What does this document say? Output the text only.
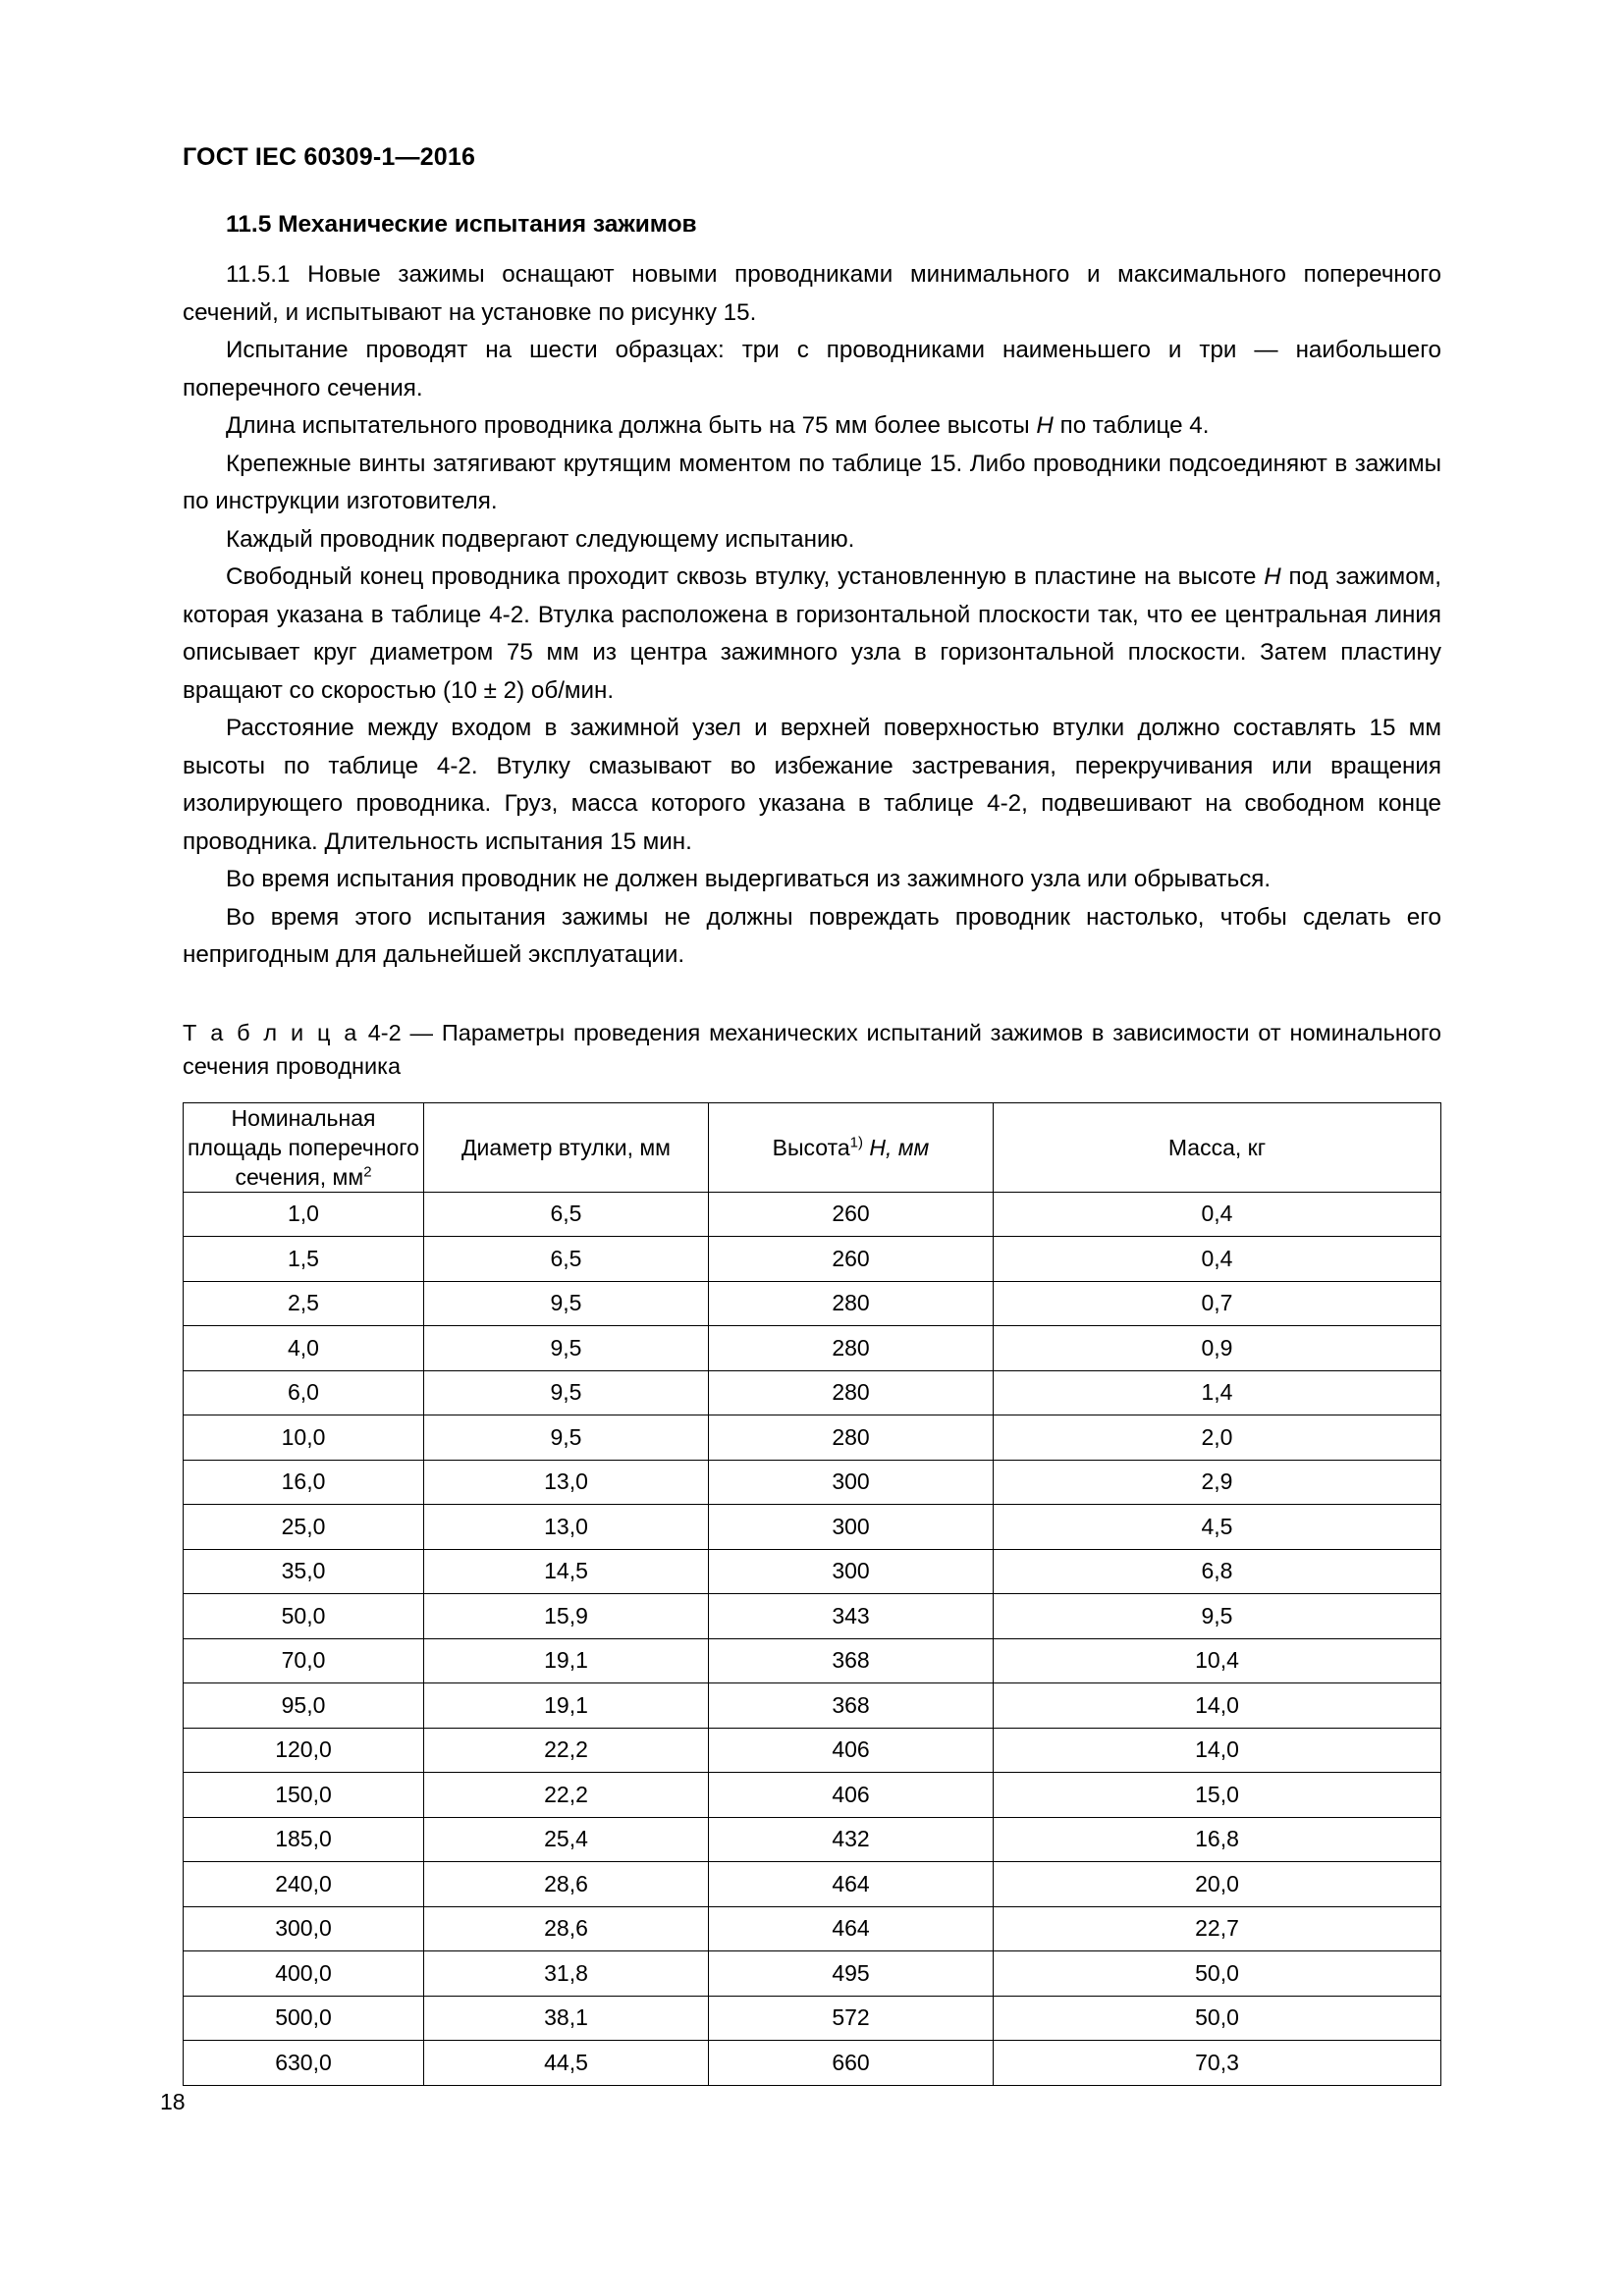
ГОСТ IEC 60309-1—2016
11.5 Механические испытания зажимов

11.5.1 Новые зажимы оснащают новыми проводниками минимального и максимального поперечного сечений, и испытывают на установке по рисунку 15.

Испытание проводят на шести образцах: три с проводниками наименьшего и три — наибольшего поперечного сечения.

Длина испытательного проводника должна быть на 75 мм более высоты H по таблице 4.

Крепежные винты затягивают крутящим моментом по таблице 15. Либо проводники подсоединяют в зажимы по инструкции изготовителя.

Каждый проводник подвергают следующему испытанию.

Свободный конец проводника проходит сквозь втулку, установленную в пластине на высоте H под зажимом, которая указана в таблице 4-2. Втулка расположена в горизонтальной плоскости так, что ее центральная линия описывает круг диаметром 75 мм из центра зажимного узла в горизонтальной плоскости. Затем пластину вращают со скоростью (10 ± 2) об/мин.

Расстояние между входом в зажимной узел и верхней поверхностью втулки должно составлять 15 мм высоты по таблице 4-2. Втулку смазывают во избежание застревания, перекручивания или вращения изолирующего проводника. Груз, масса которого указана в таблице 4-2, подвешивают на свободном конце проводника. Длительность испытания 15 мин.

Во время испытания проводник не должен выдергиваться из зажимного узла или обрываться.

Во время этого испытания зажимы не должны повреждать проводник настолько, чтобы сделать его непригодным для дальнейшей эксплуатации.

Т а б л и ц а 4-2 — Параметры проведения механических испытаний зажимов в зависимости от номинального сечения проводника
Номинальная площадь поперечного сечения, $мм^2$	Диаметр втулки, мм	Высота$^{1)}$ H, мм	Масса, кг
1,0	6,5	260	0,4
1,5	6,5	260	0,4
2,5	9,5	280	0,7
4,0	9,5	280	0,9
6,0	9,5	280	1,4
10,0	9,5	280	2,0
16,0	13,0	300	2,9
25,0	13,0	300	4,5
35,0	14,5	300	6,8
50,0	15,9	343	9,5
70,0	19,1	368	10,4
95,0	19,1	368	14,0
120,0	22,2	406	14,0
150,0	22,2	406	15,0
185,0	25,4	432	16,8
240,0	28,6	464	20,0
300,0	28,6	464	22,7
400,0	31,8	495	50,0
500,0	38,1	572	50,0
630,0	44,5	660	70,3
18
